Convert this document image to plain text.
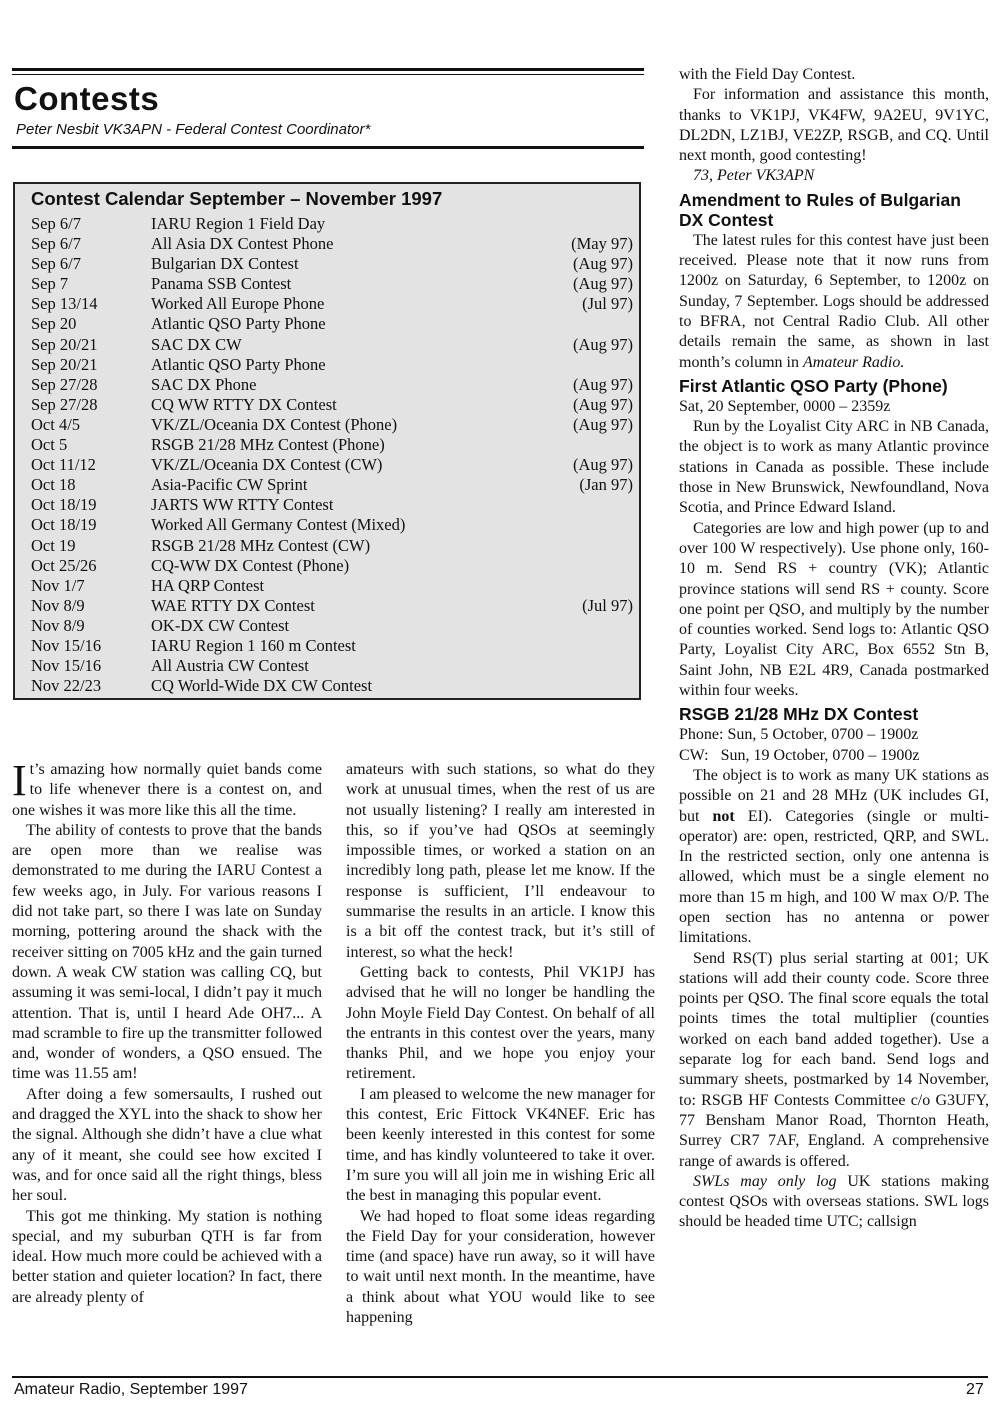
Contests
Peter Nesbit VK3APN - Federal Contest Coordinator*
Contest Calendar September – November 1997
Sep 6/7	IARU Region 1 Field Day
Sep 6/7	All Asia DX Contest Phone	(May 97)
Sep 6/7	Bulgarian DX Contest	(Aug 97)
Sep 7	Panama SSB Contest	(Aug 97)
Sep 13/14	Worked All Europe Phone	(Jul 97)
Sep 20	Atlantic QSO Party Phone
Sep 20/21	SAC DX CW	(Aug 97)
Sep 20/21	Atlantic QSO Party Phone
Sep 27/28	SAC DX Phone	(Aug 97)
Sep 27/28	CQ WW RTTY DX Contest	(Aug 97)
Oct 4/5	VK/ZL/Oceania DX Contest (Phone)	(Aug 97)
Oct 5	RSGB 21/28 MHz Contest (Phone)
Oct 11/12	VK/ZL/Oceania DX Contest (CW)	(Aug 97)
Oct 18	Asia-Pacific CW Sprint	(Jan 97)
Oct 18/19	JARTS WW RTTY Contest
Oct 18/19	Worked All Germany Contest (Mixed)
Oct 19	RSGB 21/28 MHz Contest (CW)
Oct 25/26	CQ-WW DX Contest (Phone)
Nov 1/7	HA QRP Contest
Nov 8/9	WAE RTTY DX Contest	(Jul 97)
Nov 8/9	OK-DX CW Contest
Nov 15/16	IARU Region 1 160 m Contest
Nov 15/16	All Austria CW Contest
Nov 22/23	CQ World-Wide DX CW Contest

It’s amazing how normally quiet bands come to life whenever there is a contest on, and one wishes it was more like this all the time.

The ability of contests to prove that the bands are open more than we realise was demonstrated to me during the IARU Contest a few weeks ago, in July. For various reasons I did not take part, so there I was late on Sunday morning, pottering around the shack with the receiver sitting on 7005 kHz and the gain turned down. A weak CW station was calling CQ, but assuming it was semi-local, I didn’t pay it much attention. That is, until I heard Ade OH7... A mad scramble to fire up the transmitter followed and, wonder of wonders, a QSO ensued. The time was 11.55 am!

After doing a few somersaults, I rushed out and dragged the XYL into the shack to show her the signal. Although she didn’t have a clue what any of it meant, she could see how excited I was, and for once said all the right things, bless her soul.

This got me thinking. My station is nothing special, and my suburban QTH is far from ideal. How much more could be achieved with a better station and quieter location? In fact, there are already plenty of

amateurs with such stations, so what do they work at unusual times, when the rest of us are not usually listening? I really am interested in this, so if you’ve had QSOs at seemingly impossible times, or worked a station on an incredibly long path, please let me know. If the response is sufficient, I’ll endeavour to summarise the results in an article. I know this is a bit off the contest track, but it’s still of interest, so what the heck!

Getting back to contests, Phil VK1PJ has advised that he will no longer be handling the John Moyle Field Day Contest. On behalf of all the entrants in this contest over the years, many thanks Phil, and we hope you enjoy your retirement.

I am pleased to welcome the new manager for this contest, Eric Fittock VK4NEF. Eric has been keenly interested in this contest for some time, and has kindly volunteered to take it over. I’m sure you will all join me in wishing Eric all the best in managing this popular event.

We had hoped to float some ideas regarding the Field Day for your consideration, however time (and space) have run away, so it will have to wait until next month. In the meantime, have a think about what YOU would like to see happening

with the Field Day Contest.

For information and assistance this month, thanks to VK1PJ, VK4FW, 9A2EU, 9V1YC, DL2DN, LZ1BJ, VE2ZP, RSGB, and CQ. Until next month, good contesting!

73, Peter VK3APN

Amendment to Rules of Bulgarian DX Contest

The latest rules for this contest have just been received. Please note that it now runs from 1200z on Saturday, 6 September, to 1200z on Sunday, 7 September. Logs should be addressed to BFRA, not Central Radio Club. All other details remain the same, as shown in last month’s column in Amateur Radio.

First Atlantic QSO Party (Phone)

Sat, 20 September, 0000 – 2359z

Run by the Loyalist City ARC in NB Canada, the object is to work as many Atlantic province stations in Canada as possible. These include those in New Brunswick, Newfoundland, Nova Scotia, and Prince Edward Island.

Categories are low and high power (up to and over 100 W respectively). Use phone only, 160-10 m. Send RS + country (VK); Atlantic province stations will send RS + county. Score one point per QSO, and multiply by the number of counties worked. Send logs to: Atlantic QSO Party, Loyalist City ARC, Box 6552 Stn B, Saint John, NB E2L 4R9, Canada postmarked within four weeks.

RSGB 21/28 MHz DX Contest

Phone: Sun, 5 October, 0700 – 1900z

CW:   Sun, 19 October, 0700 – 1900z

The object is to work as many UK stations as possible on 21 and 28 MHz (UK includes GI, but not EI). Categories (single or multi-operator) are: open, restricted, QRP, and SWL. In the restricted section, only one antenna is allowed, which must be a single element no more than 15 m high, and 100 W max O/P. The open section has no antenna or power limitations.

Send RS(T) plus serial starting at 001; UK stations will add their county code. Score three points per QSO. The final score equals the total points times the total multiplier (counties worked on each band added together). Use a separate log for each band. Send logs and summary sheets, postmarked by 14 November, to: RSGB HF Contests Committee c/o G3UFY, 77 Bensham Manor Road, Thornton Heath, Surrey CR7 7AF, England. A comprehensive range of awards is offered.

SWLs may only log UK stations making contest QSOs with overseas stations. SWL logs should be headed time UTC; callsign

Amateur Radio, September 1997	27
